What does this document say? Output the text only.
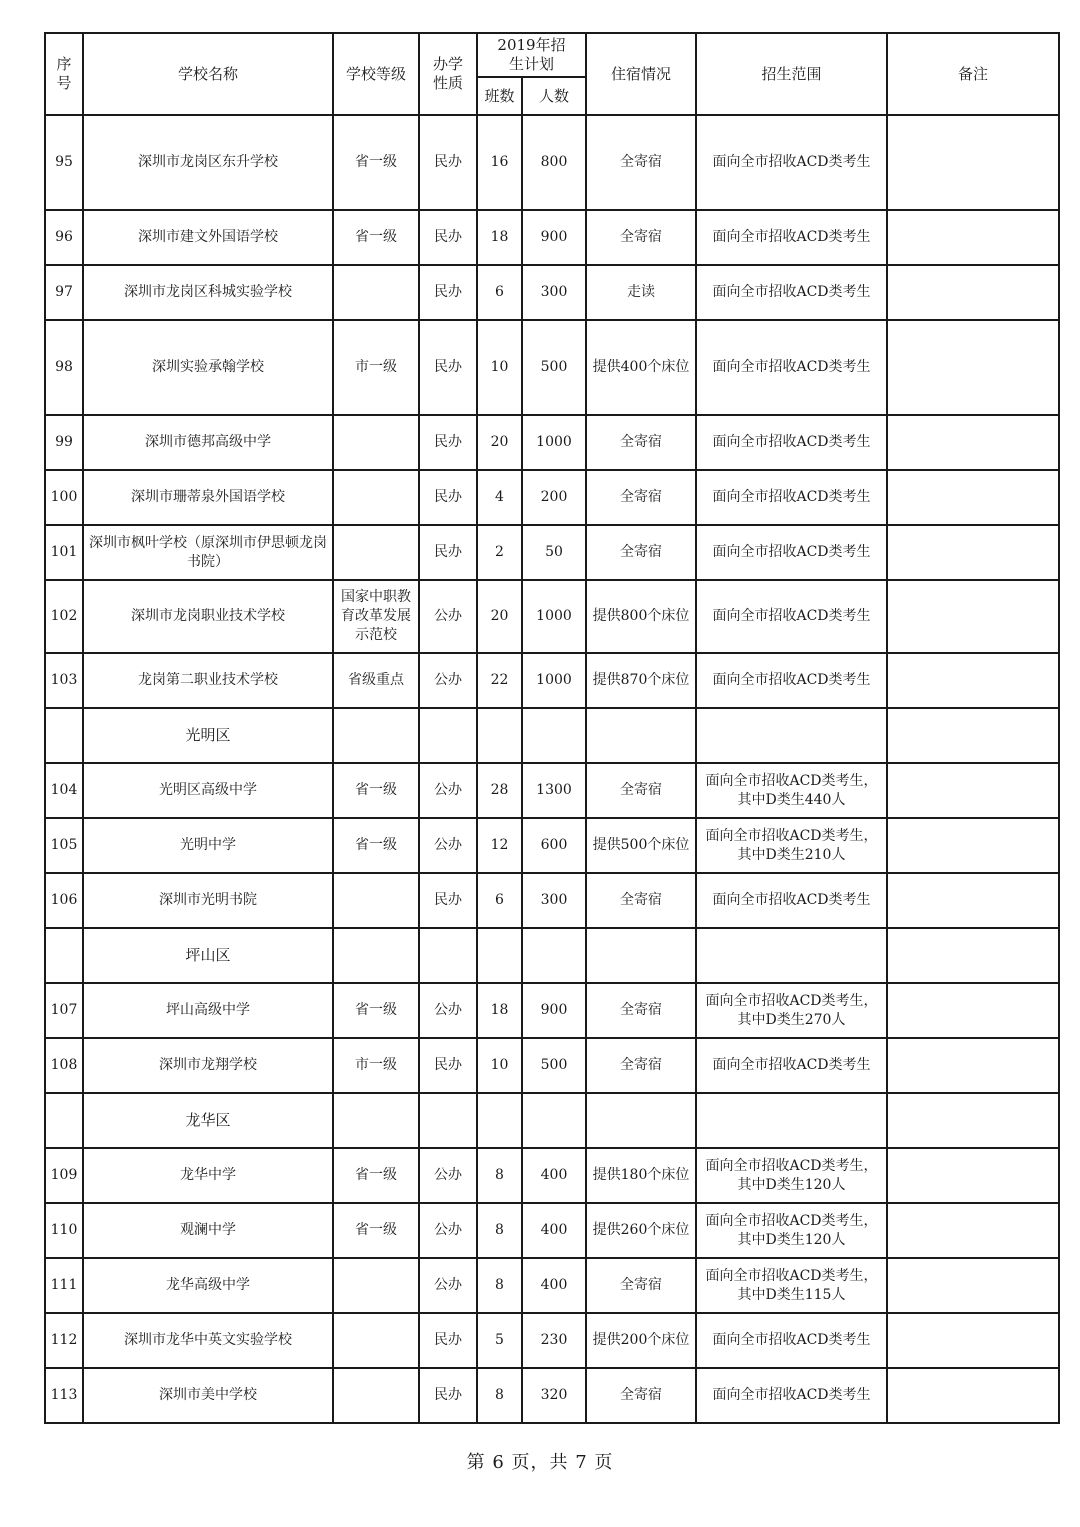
序号	学校名称	学校等级	办学性质	2019年招生计划		住宿情况	招生范围	备注
				班数	人数			
95	深圳市龙岗区东升学校	省一级	民办	16	800	全寄宿	面向全市招收ACD类考生	
96	深圳市建文外国语学校	省一级	民办	18	900	全寄宿	面向全市招收ACD类考生	
97	深圳市龙岗区科城实验学校		民办	6	300	走读	面向全市招收ACD类考生	
98	深圳实验承翰学校	市一级	民办	10	500	提供400个床位	面向全市招收ACD类考生	
99	深圳市德邦高级中学		民办	20	1000	全寄宿	面向全市招收ACD类考生	
100	深圳市珊蒂泉外国语学校		民办	4	200	全寄宿	面向全市招收ACD类考生	
101	深圳市枫叶学校（原深圳市伊思顿龙岗书院）		民办	2	50	全寄宿	面向全市招收ACD类考生	
102	深圳市龙岗职业技术学校	国家中职教育改革发展示范校	公办	20	1000	提供800个床位	面向全市招收ACD类考生	
103	龙岗第二职业技术学校	省级重点	公办	22	1000	提供870个床位	面向全市招收ACD类考生	
	光明区							
104	光明区高级中学	省一级	公办	28	1300	全寄宿	面向全市招收ACD类考生，其中D类生440人	
105	光明中学	省一级	公办	12	600	提供500个床位	面向全市招收ACD类考生，其中D类生210人	
106	深圳市光明书院		民办	6	300	全寄宿	面向全市招收ACD类考生	
	坪山区							
107	坪山高级中学	省一级	公办	18	900	全寄宿	面向全市招收ACD类考生，其中D类生270人	
108	深圳市龙翔学校	市一级	民办	10	500	全寄宿	面向全市招收ACD类考生	
	龙华区							
109	龙华中学	省一级	公办	8	400	提供180个床位	面向全市招收ACD类考生，其中D类生120人	
110	观澜中学	省一级	公办	8	400	提供260个床位	面向全市招收ACD类考生，其中D类生120人	
111	龙华高级中学		公办	8	400	全寄宿	面向全市招收ACD类考生，其中D类生115人	
112	深圳市龙华中英文实验学校		民办	5	230	提供200个床位	面向全市招收ACD类考生	
113	深圳市美中学校		民办	8	320	全寄宿	面向全市招收ACD类考生	
第 6 页，共 7 页
